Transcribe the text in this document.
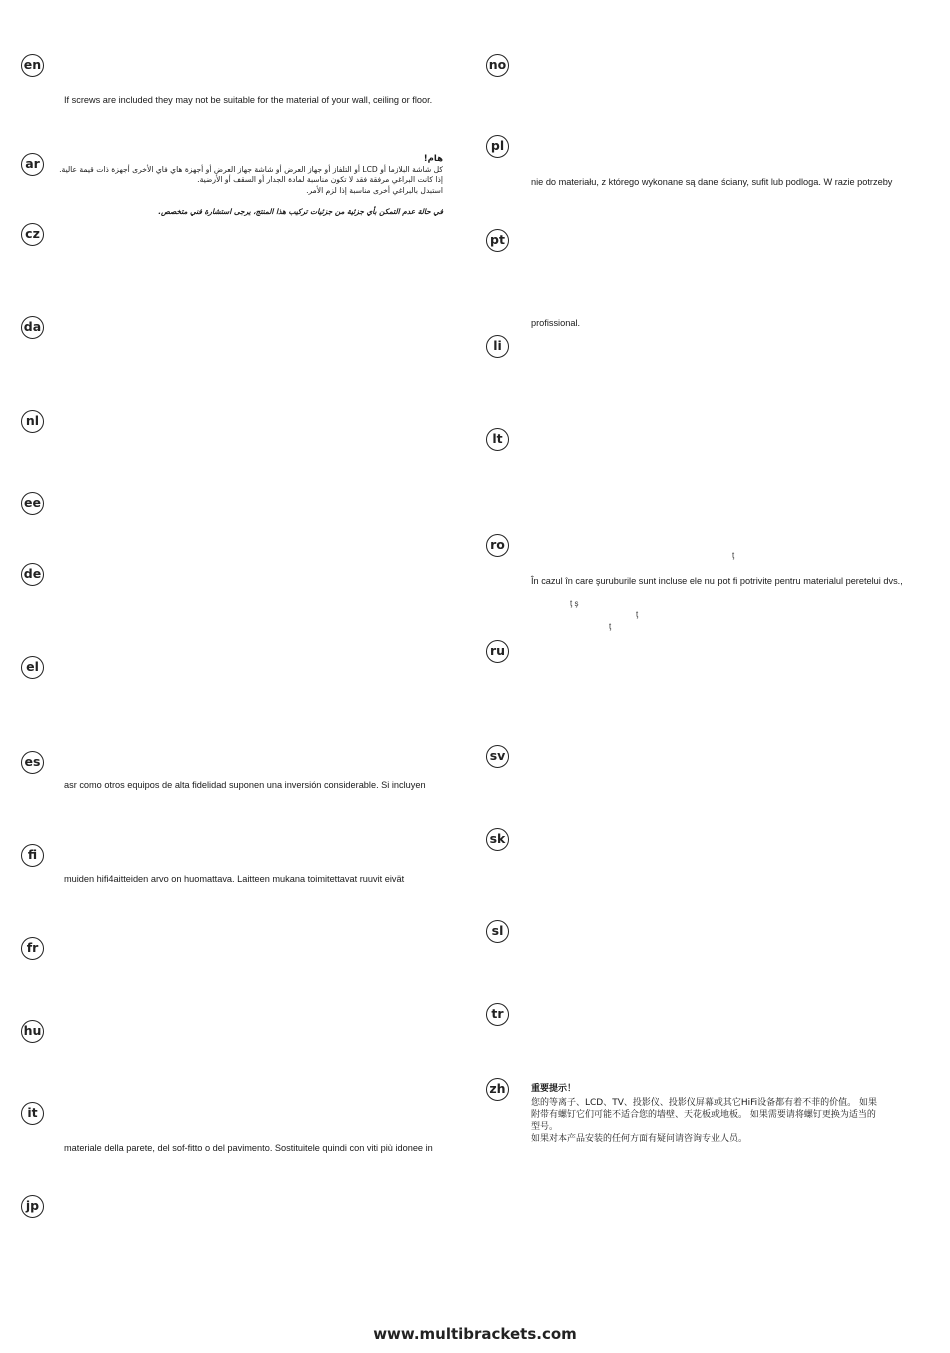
en
If screws are included they may not be suitable for the material of your wall, ceiling or floor.
ar	هام!
كل شاشة البلازما أو LCD أو التلفاز أو جهاز العرض أو شاشة جهاز العرض أو أجهزة هاي فاي الأخرى أجهزة ذات قيمة عالية.
إذا كانت البراغي مرفقة فقد لا تكون مناسبة لمادة الجدار أو السقف أو الأرضية.
استبدل بالبراغي أخرى مناسبة إذا لزم الأمر.
في حالة عدم التمكن بأي جزئية من جزئيات تركيب هذا المنتج، يرجى استشارة فني متخصص.
cz
da
nl
ee
de
el
es
asr como otros equipos de alta fidelidad suponen una inversión considerable. Si incluyen
fi
muiden hifi4aitteiden arvo on huomattava. Laitteen mukana toimitettavat ruuvit eivät
fr
hu
it
materiale della parete, del sof-fitto o del pavimento. Sostituitele quindi con viti più idonee in
jp
no
pl
nie do materiału, z którego wykonane są dane ściany, sufit lub podloga. W razie potrzeby
pt
profissional.
li
lt
ro
ţ
În cazul în care şuruburile sunt incluse ele nu pot fi potrivite pentru materialul peretelui dvs.,
ţ ş
ţ
ţ
ru
sv
sk
sl
tr
zh	重要提示！
您的等离子、LCD、TV、投影仪、投影仪屏幕或其它HiFi设备都有着不菲的价值。 如果
附带有螺钉它们可能不适合您的墙壁、天花板或地板。 如果需要请将螺钉更换为适当的
型号。
如果对本产品安装的任何方面有疑问请咨询专业人员。
www.multibrackets.com
